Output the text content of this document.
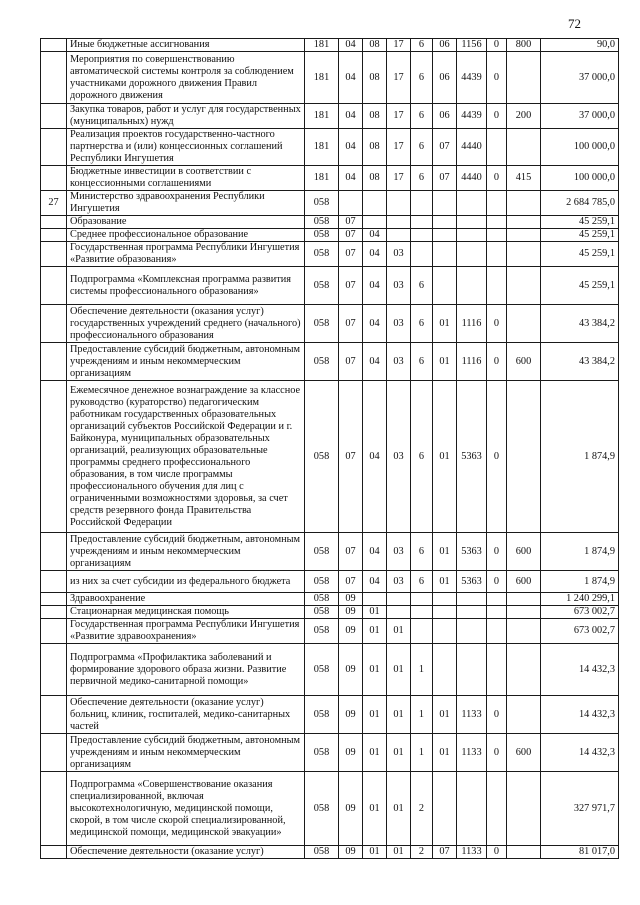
72
	Иные бюджетные ассигнования	181	04	08	17	6	06	1156	0	800	90,0
	Мероприятия по совершенствованию автоматической системы контроля за соблюдением участниками дорожного движения Правил дорожного движения	181	04	08	17	6	06	4439	0		37 000,0
	Закупка товаров, работ и услуг для государственных (муниципальных) нужд	181	04	08	17	6	06	4439	0	200	37 000,0
	Реализация проектов государственно-частного партнерства и (или) концессионных соглашений Республики Ингушетия	181	04	08	17	6	07	4440			100 000,0
	Бюджетные инвестиции в соответствии с концессионными соглашениями	181	04	08	17	6	07	4440	0	415	100 000,0
27	Министерство здравоохранения Республики Ингушетия	058									2 684 785,0
	Образование	058	07								45 259,1
	Среднее профессиональное образование	058	07	04							45 259,1
	Государственная программа Республики Ингушетия «Развитие образования»	058	07	04	03						45 259,1
	Подпрограмма «Комплексная программа развития системы профессионального образования»	058	07	04	03	6					45 259,1
	Обеспечение деятельности (оказания услуг) государственных учреждений среднего (начального) профессионального образования	058	07	04	03	6	01	1116	0		43 384,2
	Предоставление субсидий бюджетным, автономным учреждениям и иным некоммерческим организациям	058	07	04	03	6	01	1116	0	600	43 384,2
	Ежемесячное денежное вознаграждение за классное руководство (кураторство) педагогическим работникам государственных образовательных организаций субъектов Российской Федерации и г. Байконура, муниципальных образовательных организаций, реализующих образовательные программы среднего профессионального образования, в том числе программы профессионального обучения для лиц с ограниченными возможностями здоровья, за счет средств резервного фонда Правительства Российской Федерации	058	07	04	03	6	01	5363	0		1 874,9
	Предоставление субсидий бюджетным, автономным учреждениям и иным некоммерческим организациям	058	07	04	03	6	01	5363	0	600	1 874,9
	из них за счет субсидии из федерального бюджета	058	07	04	03	6	01	5363	0	600	1 874,9
	Здравоохранение	058	09								1 240 299,1
	Стационарная медицинская помощь	058	09	01							673 002,7
	Государственная программа Республики Ингушетия «Развитие здравоохранения»	058	09	01	01						673 002,7
	Подпрограмма «Профилактика заболеваний и формирование здорового образа жизни. Развитие первичной медико-санитарной помощи»	058	09	01	01	1					14 432,3
	Обеспечение деятельности (оказание услуг) больниц, клиник, госпиталей, медико-санитарных частей	058	09	01	01	1	01	1133	0		14 432,3
	Предоставление субсидий бюджетным, автономным учреждениям и иным некоммерческим организациям	058	09	01	01	1	01	1133	0	600	14 432,3
	Подпрограмма «Совершенствование оказания специализированной, включая высокотехнологичную, медицинской помощи, скорой, в том числе скорой специализированной, медицинской помощи, медицинской эвакуации»	058	09	01	01	2					327 971,7
	Обеспечение деятельности (оказание услуг)	058	09	01	01	2	07	1133	0		81 017,0
